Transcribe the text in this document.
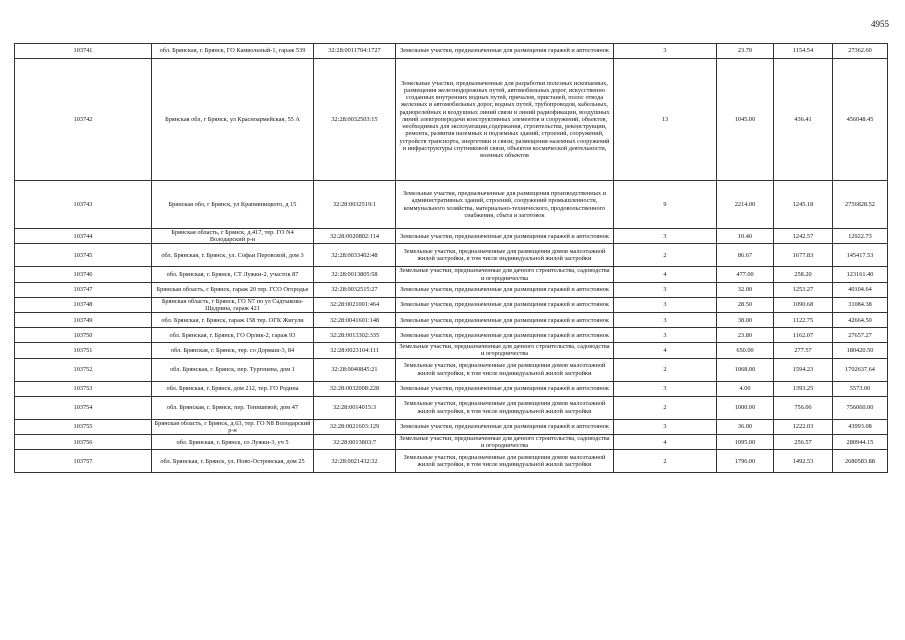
4955
103741	обл. Брянская, г. Брянск, ГО Камвольный-1, гараж 539	32:28:0011704:1727	Земельные участки, предназначенные для размещения гаражей и автостоянок	3	23.70	1154.54	27362.60
103742	Брянская обл, г Брянск, ул Красноармейская, 55 А	32:28:0032503:15	Земельные участки, предназначенные для разработки полезных ископаемых, размещения железнодорожных путей, автомобильных дорог, искусственно созданных внутренних водных путей, причалов, пристаней, полос отвода железных и автомобильных дорог, водных путей, трубопроводов, кабельных, радиорелейных и воздушных линий связи и линий радиофикации, воздушных линий электропередачи конструктивных элементов и сооружений, объектов, необходимых для эксплуатации,содержания, строительства, реконструкции, ремонта, развития наземных и подземных зданий, строений, сооружений, устройств транспорта, энергетики и связи; размещения наземных сооружений и инфраструктуры спутниковой связи, объектов космической деятельности, военных объектов	13	1045.00	436.41	456048.45
103743	Брянская обл, г Брянск, ул Крапивницкого, д 15	32:28:0032519:1	Земельные участки, предназначенные для размещения производственных и административных зданий, строений, сооружений промышленности, коммунального хозяйства, материально-технического, продовольственного снабжения, сбыта и заготовок	9	2214.00	1245.18	2756828.52
103744	Брянская область, г Брянск, д.417, тер. ГО N4 Володарский р-н	32:28:0020802:114	Земельные участки, предназначенные для размещения гаражей и автостоянок	3	10.40	1242.57	12922.73
103745	обл. Брянская, г. Брянск, ул. Софьи Перовской, дом 3	32:28:0033402:48	Земельные участки, предназначенные для размещения домов малоэтажной жилой застройки, в том числе индивидуальной жилой застройки	2	86.67	1677.83	145417.53
103746	обл. Брянская, г. Брянск, СТ Лужки-2, участок 87	32:28:0013805:58	Земельные участки, предназначенные для дачного строительства, садоводства и огородничества	4	477.00	258.20	123161.40
103747	Брянская область, г Брянск, гараж 20 тер. ГСО Огородье	32:28:0032515:27	Земельные участки, предназначенные для размещения гаражей и автостоянок	3	32.00	1253.27	40104.64
103748	Брянская область, г Брянск, ГО N7 по ул Садтыкова-Щедрина, гараж 421	32:28:0021001:464	Земельные участки, предназначенные для размещения гаражей и автостоянок	3	28.50	1090.68	31084.38
103749	обл. Брянская, г. Брянск, гараж 158 тер. ОГК Жигули	32:28:0041601:148	Земельные участки, предназначенные для размещения гаражей и автостоянок	3	38.00	1122.75	42664.50
103750	обл. Брянская, г. Брянск, ГО Орлик-2, гараж 93	32:28:0013302:335	Земельные участки, предназначенные для размещения гаражей и автостоянок	3	23.80	1162.07	27657.27
103751	обл. Брянская, г. Брянск, тер. со Дормаш-3, 84	32:28:0023104:111	Земельные участки, предназначенные для дачного строительства, садоводства и огородничества	4	650.00	277.57	180420.50
103752	обл. Брянская, г. Брянск, пер. Тургенева, дом 1	32:28:0040845:21	Земельные участки, предназначенные для размещения домов малоэтажной жилой застройки, в том числе индивидуальной жилой застройки	2	1068.00	1594.23	1702637.64
103753	обл. Брянская, г. Брянск, дом 212, тер. ГО Родина	32:28:0032008:228	Земельные участки, предназначенные для размещения гаражей и автостоянок	3	4.00	1393.25	5573.00
103754	обл. Брянская, г. Брянск, пер. Тенишевой, дом 47	32:28:0014015:3	Земельные участки, предназначенные для размещения домов малоэтажной жилой застройки, в том числе индивидуальной жилой застройки	2	1000.00	756.06	756060.00
103755	Брянская область, г Брянск, д.63, тер. ГО N8 Володарский р-н	32:28:0021603:129	Земельные участки, предназначенные для размещения гаражей и автостоянок	3	36.00	1222.03	43993.08
103756	обл. Брянская, г. Брянск, со Лужки-3, уч 5	32:28:0013803:7	Земельные участки, предназначенные для дачного строительства, садоводства и огородничества	4	1095.00	256.57	280944.15
103757	обл. Брянская, г. Брянск, ул. Ново-Островская, дом 25	32:28:0021432:32	Земельные участки, предназначенные для размещения домов малоэтажной жилой застройки, в том числе индивидуальной жилой застройки	2	1796.00	1492.53	2680583.88
